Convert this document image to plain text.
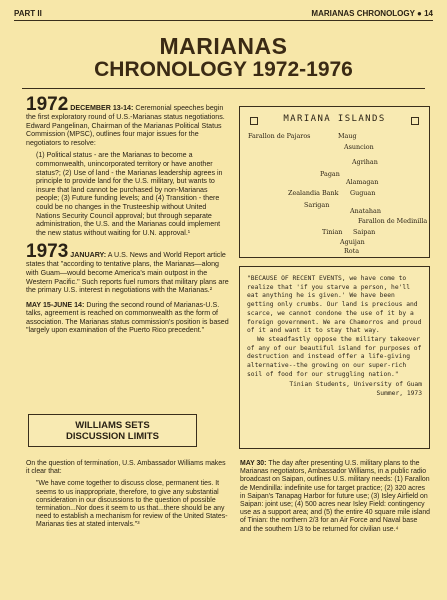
PART II	MARIANAS CHRONOLOGY ● 14
MARIANAS
CHRONOLOGY 1972-1976

1972 DECEMBER 13-14: Ceremonial speeches begin the first exploratory round of U.S.-Marianas status negotiations. Edward Pangelinan, Chairman of the Marianas Political Status Commission (MPSC), outlines four major issues for the negotiators to resolve:

(1) Political status - are the Marianas to become a commonwealth, unincorporated territory or have another status?; (2) Use of land - the Marianas leadership agrees in principle to provide land for the U.S. military, but wants to insure that land cannot be purchased by non-Marianas people; (3) Future funding levels; and (4) Transition - there could be no changes in the Trusteeship without United Nations Security Council approval; but through separate administration, the U.S. and the Marianas could implement the new status without waiting for U.N. approval.¹

1973 JANUARY: A U.S. News and World Report article states that "according to tentative plans, the Marianas—along with Guam—would become America's main outpost in the Western Pacific." Such reports fuel rumors that military plans are the primary U.S. interest in negotiations with the Marianas.²

MAY 15-JUNE 14: During the second round of Marianas-U.S. talks, agreement is reached on commonwealth as the form of association. The Marianas status commission's position is based "largely upon examination of the Puerto Rico precedent."

MARIANA ISLANDS
Farallon de Pajaros	Maug
Asuncion
Agrihan
Pagan
Alamagan
Zealandia Bank Guguan
Sarigan
Anatahan
Farallon de Medinilla
Tinian Saipan
Aguijan
Rota

"BECAUSE OF RECENT EVENTS, we have come to realize that 'if you starve a person, he'll eat anything he is given.' We have been getting only crumbs. Our land is precious and scarce, we cannot condone the use of it by a foreign government. We are Chamorros and proud of it and want it to stay that way.

We steadfastly oppose the military takeover of any of our beautiful island for purposes of destruction and instead offer a life-giving alternative--the growing on our super-rich soil of food for our struggling nation."

Tinian Students, University of Guam
Summer, 1973
WILLIAMS SETS
DISCUSSION LIMITS

On the question of termination, U.S. Ambassador Williams makes it clear that:

"We have come together to discuss close, permanent ties. It seems to us inappropriate, therefore, to give any substantial consideration in our discussions to the question of possible termination...Nor does it seem to us that...there should be any need to establish a mechanism for review of the United States-Marianas ties at stated intervals."³

MAY 30: The day after presenting U.S. military plans to the Marianas negotiators, Ambassador Williams, in a public radio broadcast on Saipan, outlines U.S. military needs: (1) Farallon de Mendinilla: indefinite use for target practice; (2) 320 acres in Saipan's Tanapag Harbor for future use; (3) Isley Airfield on Saipan: joint use; (4) 500 acres near Isley Field: contingency use as a support area; and (5) the entire 40 square mile island of Tinian: the northern 2/3 for an Air Force and Naval base and the southern 1/3 to be returned for civilian use.⁴
